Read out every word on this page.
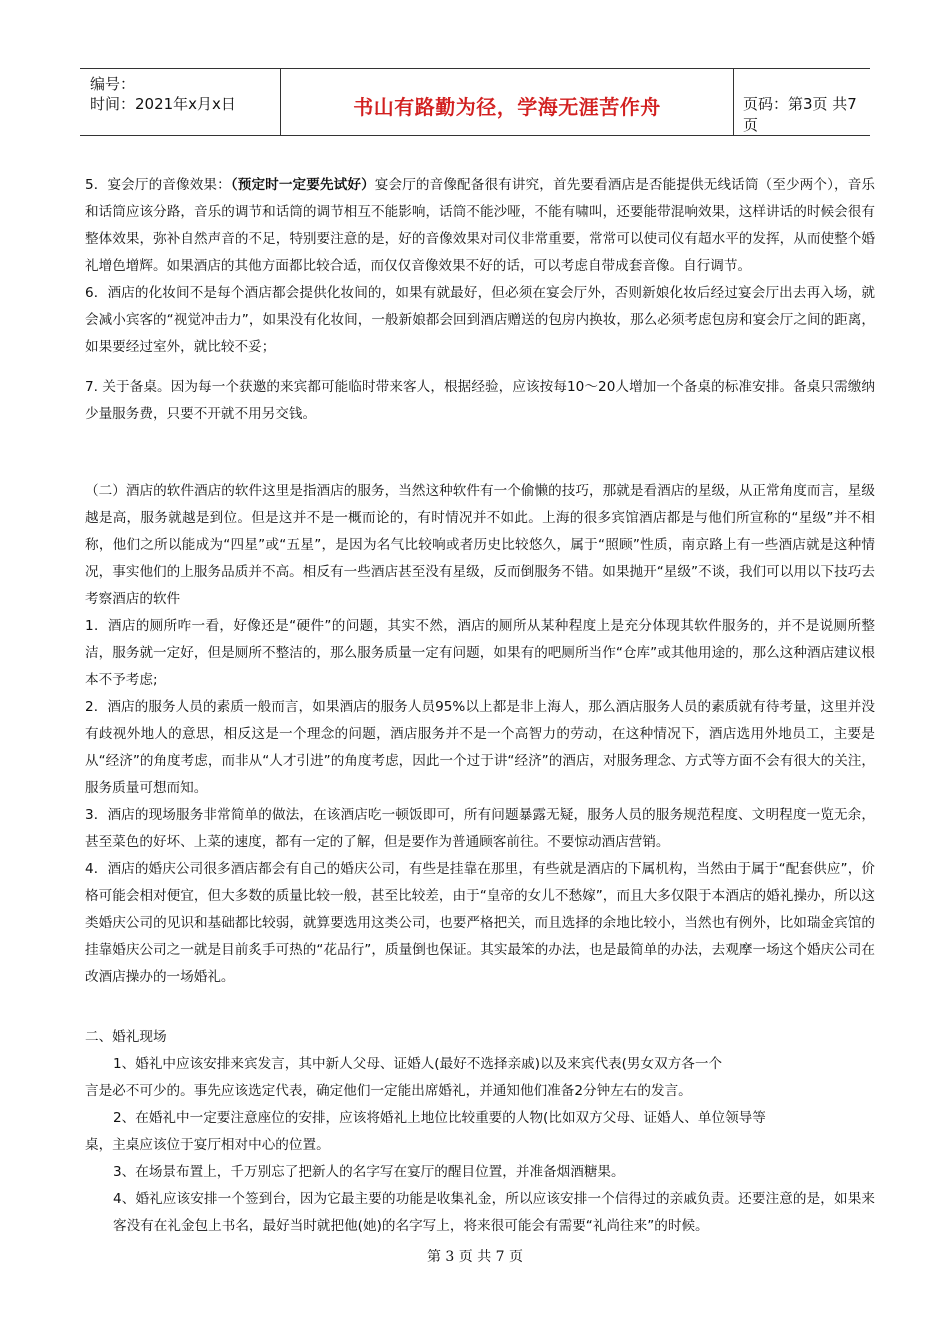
编号：
时间：2021年x月x日	书山有路勤为径，学海无涯苦作舟	页码：第3页 共7页

5．宴会厅的音像效果：（预定时一定要先试好）宴会厅的音像配备很有讲究，首先要看酒店是否能提供无线话筒（至少两个），音乐和话筒应该分路，音乐的调节和话筒的调节相互不能影响，话筒不能沙哑，不能有啸叫，还要能带混响效果，这样讲话的时候会很有整体效果，弥补自然声音的不足，特别要注意的是，好的音像效果对司仪非常重要，常常可以使司仪有超水平的发挥，从而使整个婚礼增色增辉。如果酒店的其他方面都比较合适，而仅仅音像效果不好的话，可以考虑自带成套音像。自行调节。

6．酒店的化妆间不是每个酒店都会提供化妆间的，如果有就最好，但必须在宴会厅外，否则新娘化妆后经过宴会厅出去再入场，就会减小宾客的“视觉冲击力”，如果没有化妆间，一般新娘都会回到酒店赠送的包房内换妆，那么必须考虑包房和宴会厅之间的距离，如果要经过室外，就比较不妥；

7. 关于备桌。因为每一个获邀的来宾都可能临时带来客人，根据经验，应该按每10～20人增加一个备桌的标准安排。备桌只需缴纳少量服务费，只要不开就不用另交钱。

（二）酒店的软件酒店的软件这里是指酒店的服务，当然这种软件有一个偷懒的技巧，那就是看酒店的星级，从正常角度而言，星级越是高，服务就越是到位。但是这并不是一概而论的，有时情况并不如此。上海的很多宾馆酒店都是与他们所宣称的“星级”并不相称，他们之所以能成为“四星”或“五星”，是因为名气比较响或者历史比较悠久，属于“照顾”性质，南京路上有一些酒店就是这种情况，事实他们的上服务品质并不高。相反有一些酒店甚至没有星级，反而倒服务不错。如果抛开“星级”不谈，我们可以用以下技巧去考察酒店的软件

1．酒店的厕所咋一看，好像还是“硬件”的问题，其实不然，酒店的厕所从某种程度上是充分体现其软件服务的，并不是说厕所整洁，服务就一定好，但是厕所不整洁的，那么服务质量一定有问题，如果有的吧厕所当作“仓库”或其他用途的，那么这种酒店建议根本不予考虑;

2．酒店的服务人员的素质一般而言，如果酒店的服务人员95%以上都是非上海人，那么酒店服务人员的素质就有待考量，这里并没有歧视外地人的意思，相反这是一个理念的问题，酒店服务并不是一个高智力的劳动，在这种情况下，酒店选用外地员工，主要是从“经济”的角度考虑，而非从“人才引进”的角度考虑，因此一个过于讲“经济”的酒店，对服务理念、方式等方面不会有很大的关注，服务质量可想而知。

3．酒店的现场服务非常简单的做法，在该酒店吃一顿饭即可，所有问题暴露无疑，服务人员的服务规范程度、文明程度一览无余，甚至菜色的好坏、上菜的速度，都有一定的了解，但是要作为普通顾客前往。不要惊动酒店营销。

4．酒店的婚庆公司很多酒店都会有自己的婚庆公司，有些是挂靠在那里，有些就是酒店的下属机构，当然由于属于“配套供应”，价格可能会相对便宜，但大多数的质量比较一般，甚至比较差，由于“皇帝的女儿不愁嫁”，而且大多仅限于本酒店的婚礼操办，所以这类婚庆公司的见识和基础都比较弱，就算要选用这类公司，也要严格把关，而且选择的余地比较小，当然也有例外，比如瑞金宾馆的挂靠婚庆公司之一就是目前炙手可热的“花品行”，质量倒也保证。其实最笨的办法，也是最简单的办法，去观摩一场这个婚庆公司在改酒店操办的一场婚礼。

二、婚礼现场

1、婚礼中应该安排来宾发言，其中新人父母、证婚人(最好不选择亲戚)以及来宾代表(男女双方各一个

言是必不可少的。事先应该选定代表，确定他们一定能出席婚礼，并通知他们准备2分钟左右的发言。

2、在婚礼中一定要注意座位的安排，应该将婚礼上地位比较重要的人物(比如双方父母、证婚人、单位领导等

桌，主桌应该位于宴厅相对中心的位置。

3、在场景布置上，千万别忘了把新人的名字写在宴厅的醒目位置，并准备烟酒糖果。

4、婚礼应该安排一个签到台，因为它最主要的功能是收集礼金，所以应该安排一个信得过的亲戚负责。还要注意的是，如果来客没有在礼金包上书名，最好当时就把他(她)的名字写上，将来很可能会有需要“礼尚往来”的时候。

第 3 页 共 7 页
